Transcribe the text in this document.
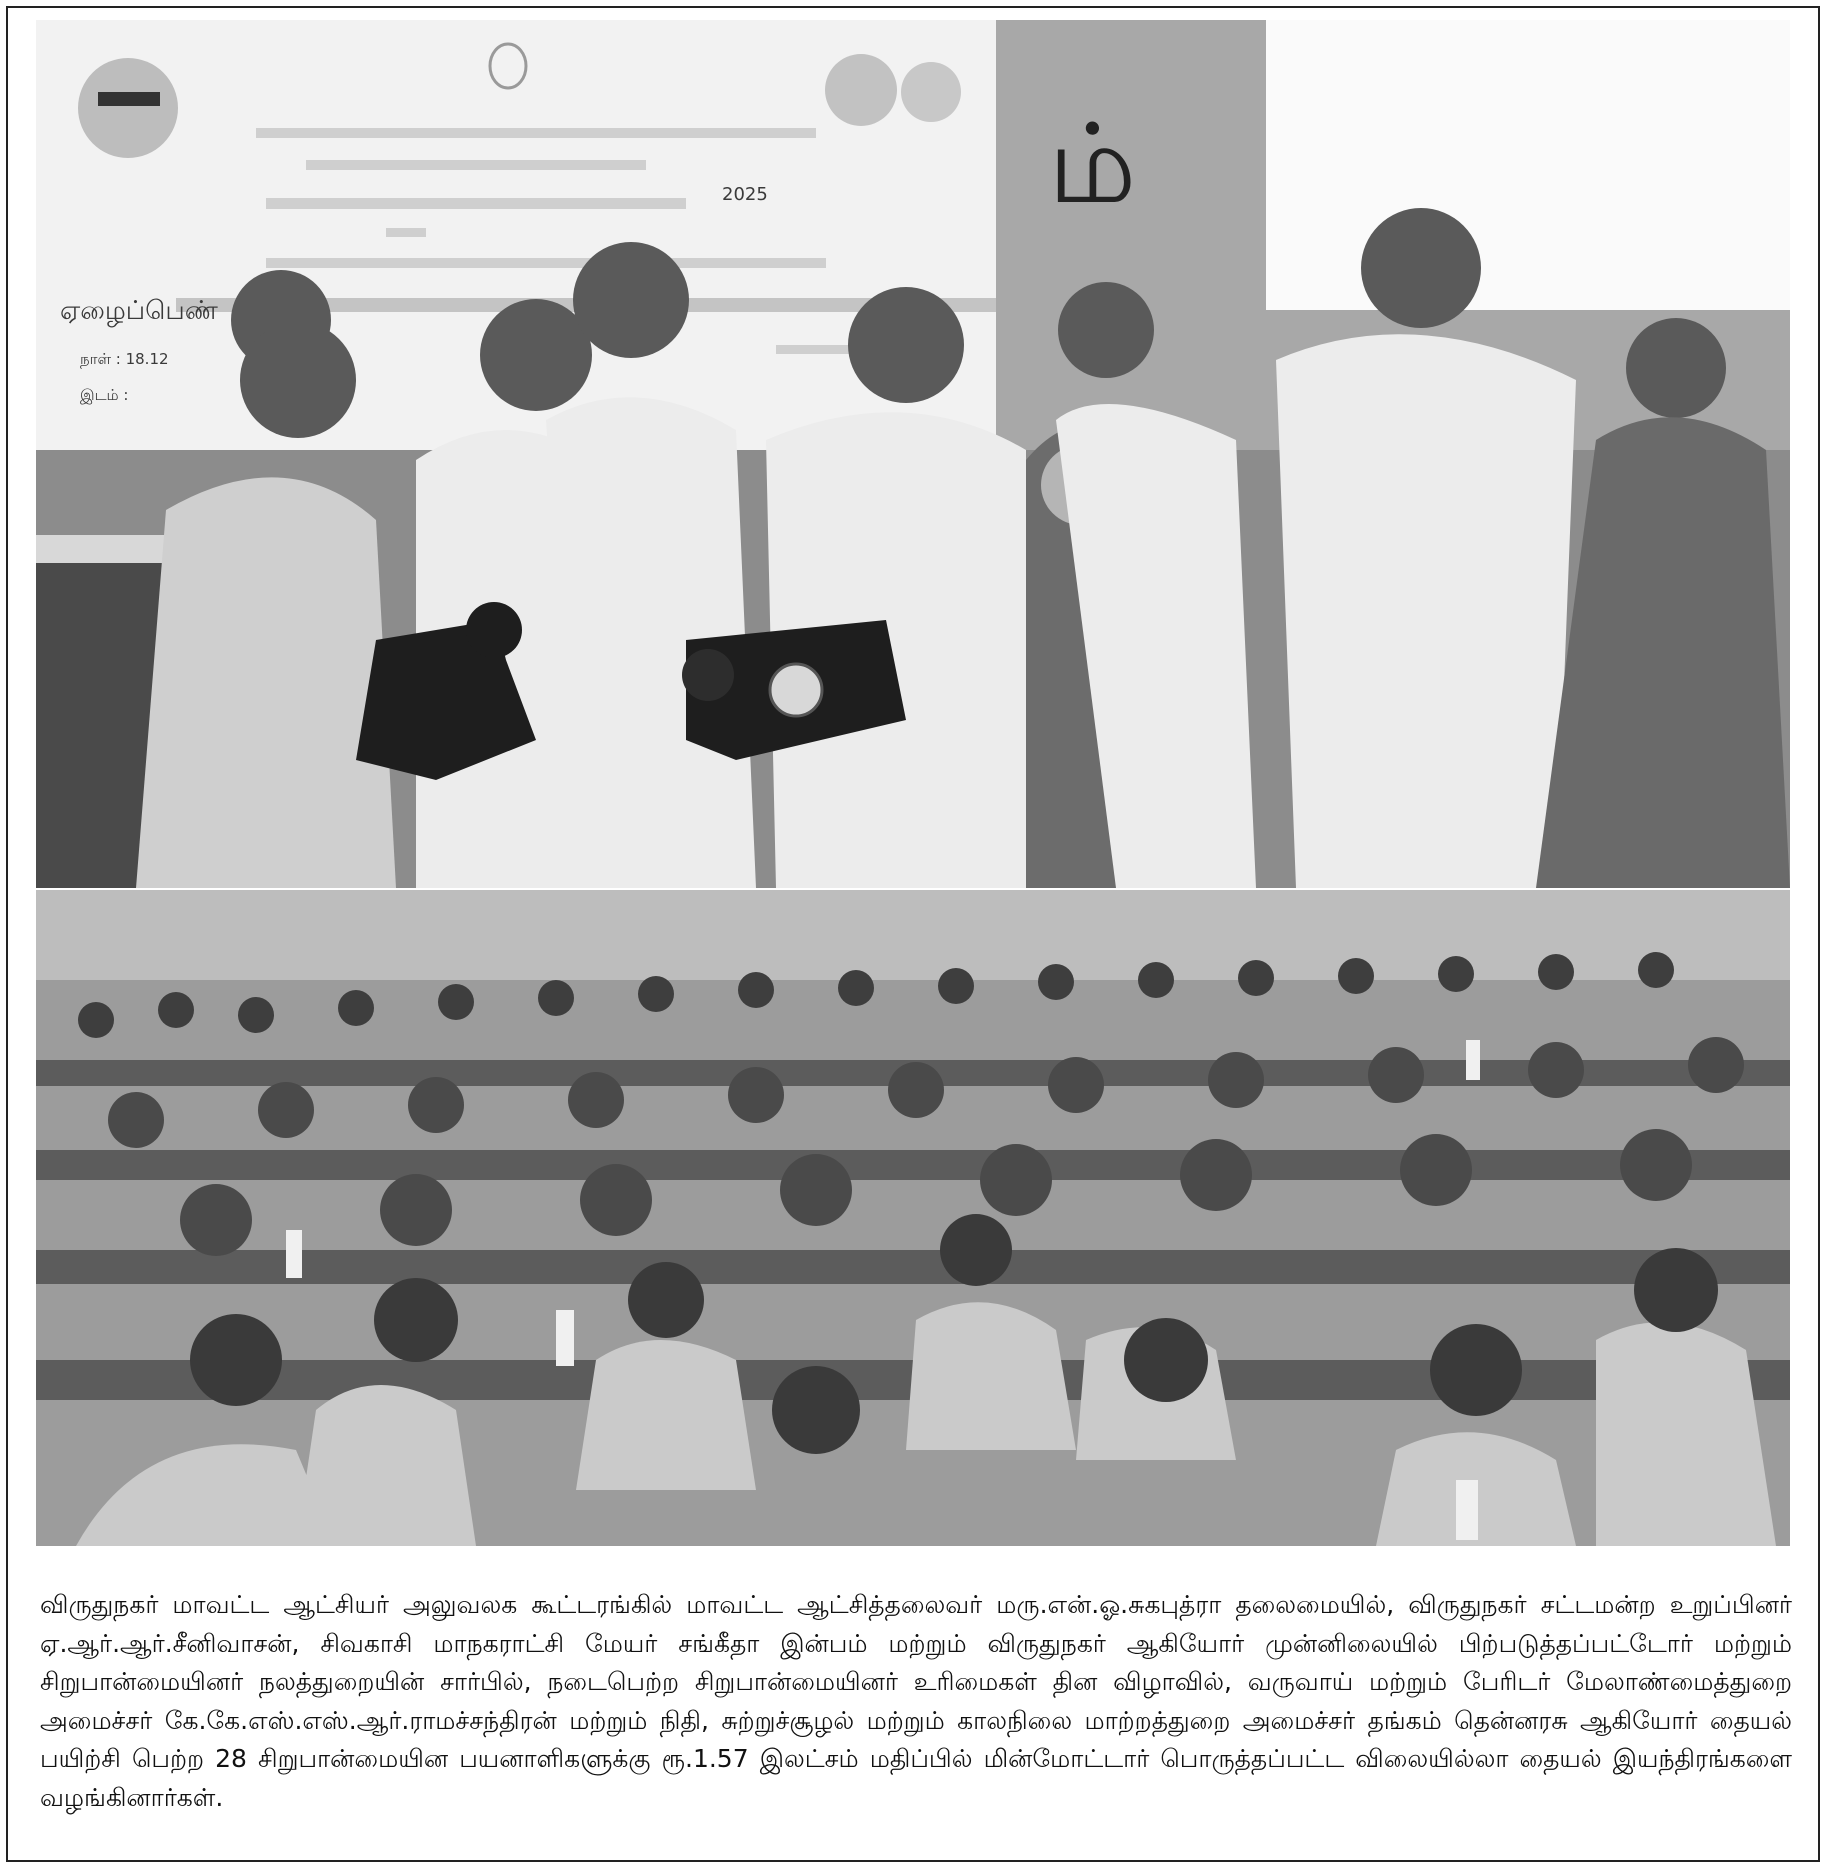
ஏழைப்பெண்
2025
நாள் : 18.12
இடம் :
ம்

விருதுநகர் மாவட்ட ஆட்சியர் அலுவலக கூட்டரங்கில் மாவட்ட ஆட்சித்தலைவர் மரு.என்.ஓ.சுகபுத்ரா தலைமையில், விருதுநகர் சட்டமன்ற உறுப்பினர் ஏ.ஆர்.ஆர்.சீனிவாசன், சிவகாசி மாநகராட்சி மேயர் சங்கீதா இன்பம் மற்றும் விருதுநகர் ஆகியோர் முன்னிலையில் பிற்படுத்தப்பட்டோர் மற்றும் சிறுபான்மையினர் நலத்துறையின் சார்பில், நடைபெற்ற சிறுபான்மையினர் உரிமைகள் தின விழாவில், வருவாய் மற்றும் பேரிடர் மேலாண்மைத்துறை அமைச்சர் கே.கே.எஸ்.எஸ்.ஆர்.ராமச்சந்திரன் மற்றும் நிதி, சுற்றுச்சூழல் மற்றும் காலநிலை மாற்றத்துறை அமைச்சர் தங்கம் தென்னரசு ஆகியோர் தையல் பயிற்சி பெற்ற 28 சிறுபான்மையின பயனாளிகளுக்கு ரூ.1.57 இலட்சம் மதிப்பில் மின்மோட்டார் பொருத்தப்பட்ட விலையில்லா தையல் இயந்திரங்களை வழங்கினார்கள்.
